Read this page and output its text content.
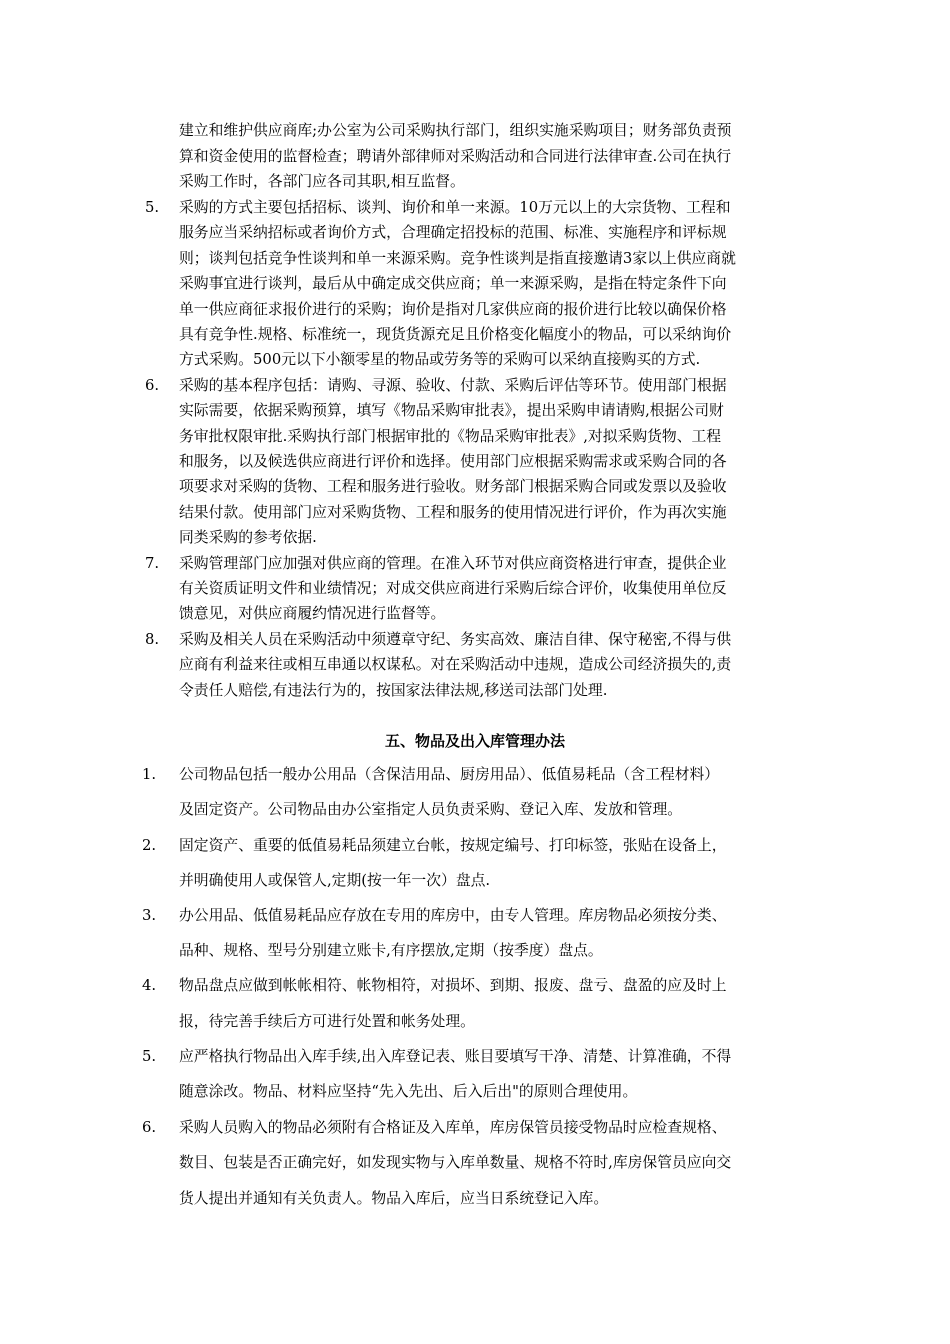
建立和维护供应商库;办公室为公司采购执行部门，组织实施采购项目；财务部负责预
算和资金使用的监督检查；聘请外部律师对采购活动和合同进行法律审查.公司在执行
采购工作时，各部门应各司其职,相互监督。
5. 采购的方式主要包括招标、谈判、询价和单一来源。10万元以上的大宗货物、工程和
服务应当采纳招标或者询价方式，合理确定招投标的范围、标准、实施程序和评标规
则；谈判包括竞争性谈判和单一来源采购。竞争性谈判是指直接邀请3家以上供应商就
采购事宜进行谈判，最后从中确定成交供应商；单一来源采购，是指在特定条件下向
单一供应商征求报价进行的采购；询价是指对几家供应商的报价进行比较以确保价格
具有竞争性.规格、标准统一，现货货源充足且价格变化幅度小的物品，可以采纳询价
方式采购。500元以下小额零星的物品或劳务等的采购可以采纳直接购买的方式.
6. 采购的基本程序包括：请购、寻源、验收、付款、采购后评估等环节。使用部门根据
实际需要，依据采购预算，填写《物品采购审批表》，提出采购申请请购,根据公司财
务审批权限审批.采购执行部门根据审批的《物品采购审批表》,对拟采购货物、工程
和服务，以及候选供应商进行评价和选择。使用部门应根据采购需求或采购合同的各
项要求对采购的货物、工程和服务进行验收。财务部门根据采购合同或发票以及验收
结果付款。使用部门应对采购货物、工程和服务的使用情况进行评价，作为再次实施
同类采购的参考依据.
7. 采购管理部门应加强对供应商的管理。在准入环节对供应商资格进行审查，提供企业
有关资质证明文件和业绩情况；对成交供应商进行采购后综合评价，收集使用单位反
馈意见，对供应商履约情况进行监督等。
8. 采购及相关人员在采购活动中须遵章守纪、务实高效、廉洁自律、保守秘密,不得与供
应商有利益来往或相互串通以权谋私。对在采购活动中违规，造成公司经济损失的,责
令责任人赔偿,有违法行为的，按国家法律法规,移送司法部门处理.
五、物品及出入库管理办法
1. 公司物品包括一般办公用品（含保洁用品、厨房用品）、低值易耗品（含工程材料）
及固定资产。公司物品由办公室指定人员负责采购、登记入库、发放和管理。
2. 固定资产、重要的低值易耗品须建立台帐，按规定编号、打印标签，张贴在设备上，
并明确使用人或保管人,定期(按一年一次）盘点.
3. 办公用品、低值易耗品应存放在专用的库房中，由专人管理。库房物品必须按分类、
品种、规格、型号分别建立账卡,有序摆放,定期（按季度）盘点。
4. 物品盘点应做到帐帐相符、帐物相符，对损坏、到期、报废、盘亏、盘盈的应及时上
报，待完善手续后方可进行处置和帐务处理。
5. 应严格执行物品出入库手续,出入库登记表、账目要填写干净、清楚、计算准确，不得
随意涂改。物品、材料应坚持“先入先出、后入后出"的原则合理使用。
6. 采购人员购入的物品必须附有合格证及入库单，库房保管员接受物品时应检查规格、
数目、包装是否正确完好，如发现实物与入库单数量、规格不符时,库房保管员应向交
货人提出并通知有关负责人。物品入库后，应当日系统登记入库。
